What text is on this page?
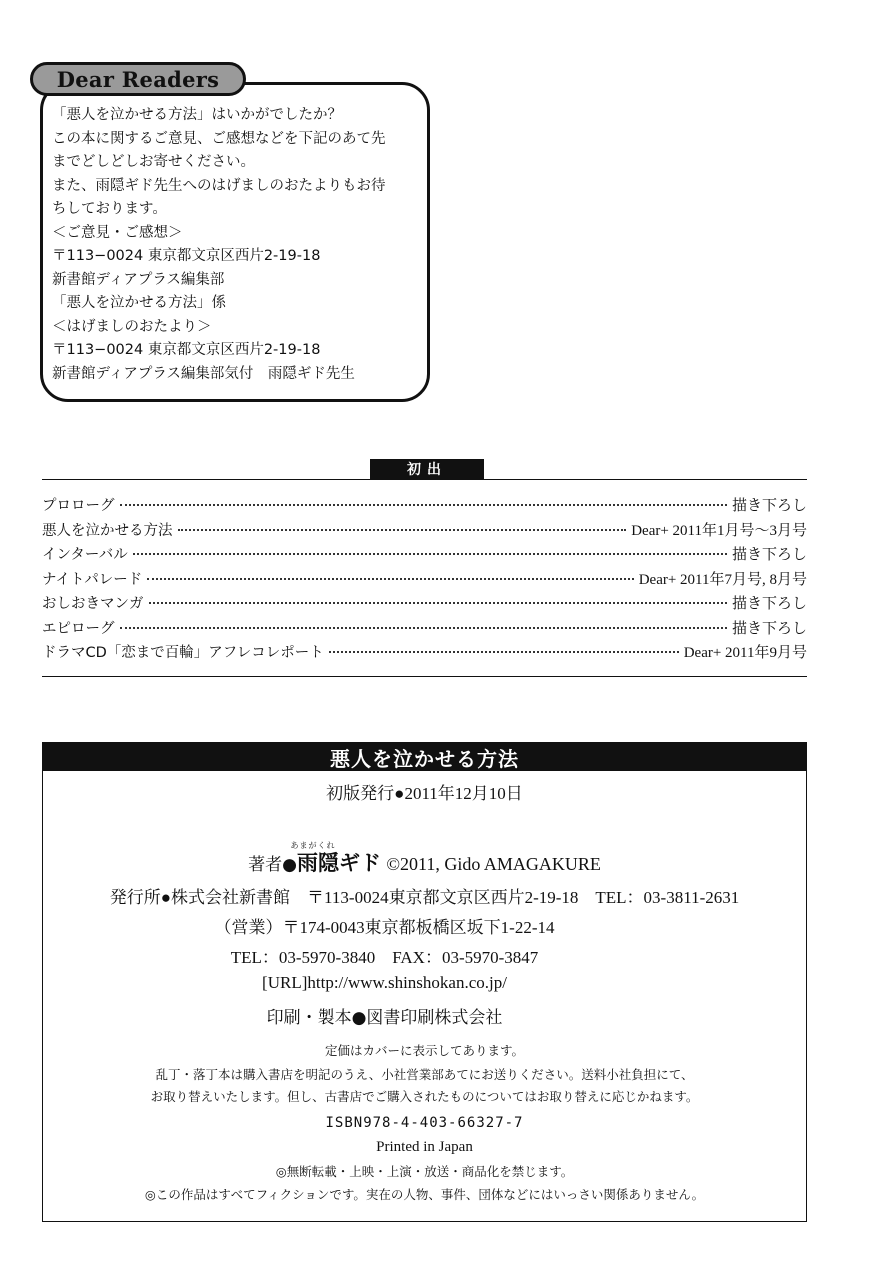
Dear Readers
「悪人を泣かせる方法」はいかがでしたか？
この本に関するご意見、ご感想などを下記のあて先
までどしどしお寄せください。
また、雨隠ギド先生へのはげましのおたよりもお待
ちしております。
＜ご意見・ご感想＞
〒113−0024 東京都文京区西片2-19-18
新書館ディアプラス編集部
「悪人を泣かせる方法」係
＜はげましのおたより＞
〒113−0024 東京都文京区西片2-19-18
新書館ディアプラス編集部気付　雨隠ギド先生
初出
プロローグ	描き下ろし
悪人を泣かせる方法	Dear+ 2011年1月号〜3月号
インターバル	描き下ろし
ナイトパレード	Dear+ 2011年7月号, 8月号
おしおきマンガ	描き下ろし
エピローグ	描き下ろし
ドラマCD「恋まで百輪」アフレコレポート	Dear+ 2011年9月号
悪人を泣かせる方法
初版発行●2011年12月10日
著者●雨隠ギド ©2011, Gido AMAGAKURE
発行所●株式会社新書館　〒113-0024東京都文京区西片2-19-18　TEL：03-3811-2631
（営業）〒174-0043東京都板橋区坂下1-22-14
TEL：03-5970-3840　FAX：03-5970-3847
[URL]http://www.shinshokan.co.jp/
印刷・製本●図書印刷株式会社
定価はカバーに表示してあります。
乱丁・落丁本は購入書店を明記のうえ、小社営業部あてにお送りください。送料小社負担にて、
お取り替えいたします。但し、古書店でご購入されたものについてはお取り替えに応じかねます。
ISBN978-4-403-66327-7
Printed in Japan
◎無断転載・上映・上演・放送・商品化を禁じます。
◎この作品はすべてフィクションです。実在の人物、事件、団体などにはいっさい関係ありません。
あまがくれ
